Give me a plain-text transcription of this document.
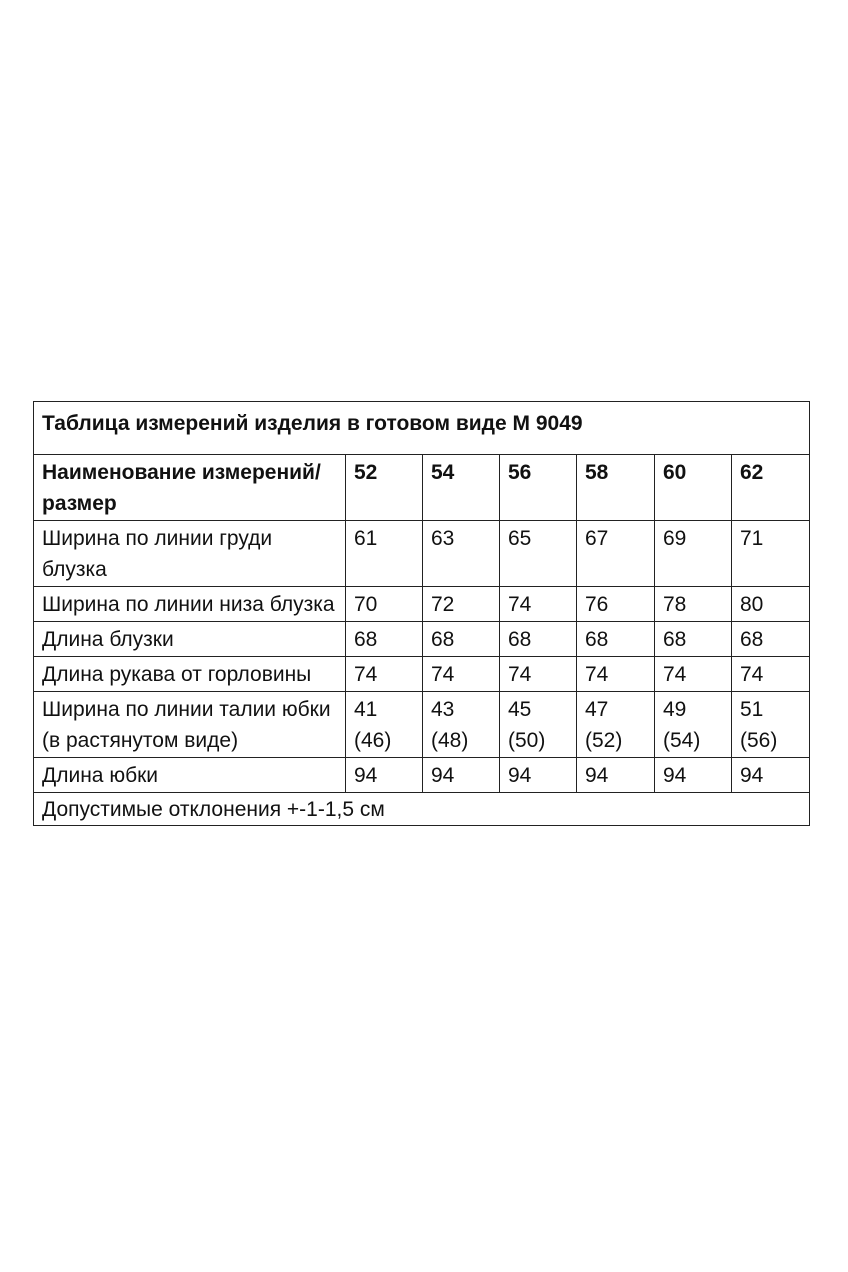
Таблица измерений изделия в готовом виде М 9049						
Наименование измерений/размер	52	54	56	58	60	62
Ширина по линии груди блузка	61	63	65	67	69	71
Ширина по линии низа блузка	70	72	74	76	78	80
Длина блузки	68	68	68	68	68	68
Длина рукава от горловины	74	74	74	74	74	74
Ширина по линии талии юбки (в растянутом виде)	41 (46)	43 (48)	45 (50)	47 (52)	49 (54)	51 (56)
Длина юбки	94	94	94	94	94	94
Допустимые отклонения +-1-1,5 см						
